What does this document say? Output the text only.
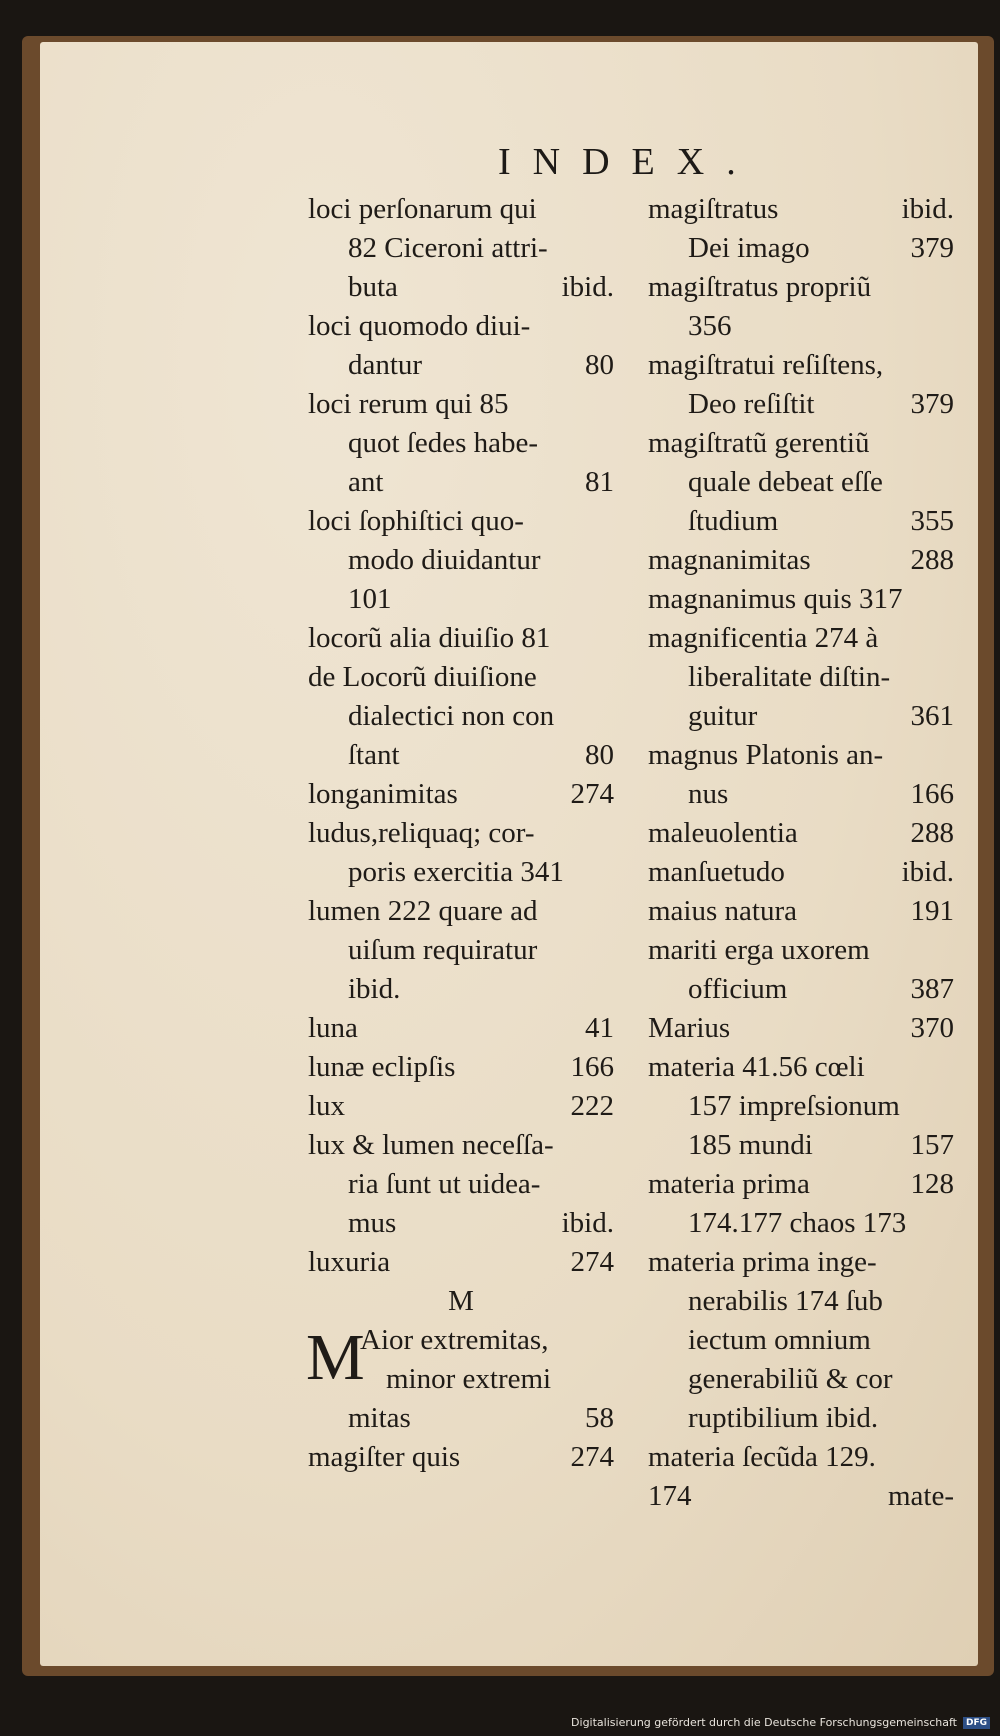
INDEX.
loci perſonarum qui
82 Ciceroni attri-
buta	ibid.
loci quomodo diui-
dantur	80
loci rerum qui 85
quot ſedes habe-
ant	81
loci ſophiſtici quo-
modo diuidantur
101
locorũ alia diuiſio 81
de Locorũ diuiſione
dialectici non con
ſtant	80
longanimitas	274
ludus,reliquaq; cor-
poris exercitia 341
lumen 222 quare ad
uiſum requiratur
ibid.
luna	41
lunæ eclipſis	166
lux	222
lux & lumen neceſſa-
ria ſunt ut uidea-
mus	ibid.
luxuria	274
M
M
Aior extremitas,
minor extremi
mitas	58
magiſter quis	274
magiſtratus	ibid.
Dei imago	379
magiſtratus propriũ
356
magiſtratui reſiſtens,
Deo reſiſtit	379
magiſtratũ gerentiũ
quale debeat eſſe
ſtudium	355
magnanimitas	288
magnanimus quis 317
magnificentia 274 à
liberalitate diſtin-
guitur	361
magnus Platonis an-
nus	166
maleuolentia	288
manſuetudo	ibid.
maius natura	191
mariti erga uxorem
officium	387
Marius	370
materia 41.56 cœli
157 impreſsionum
185 mundi	157
materia prima	128
174.177 chaos 173
materia prima inge-
nerabilis 174 ſub
iectum omnium
generabiliũ & cor
ruptibilium ibid.
materia ſecũda 129.
174	mate-
Digitalisierung gefördert durch die Deutsche Forschungsgemeinschaft	DFG
